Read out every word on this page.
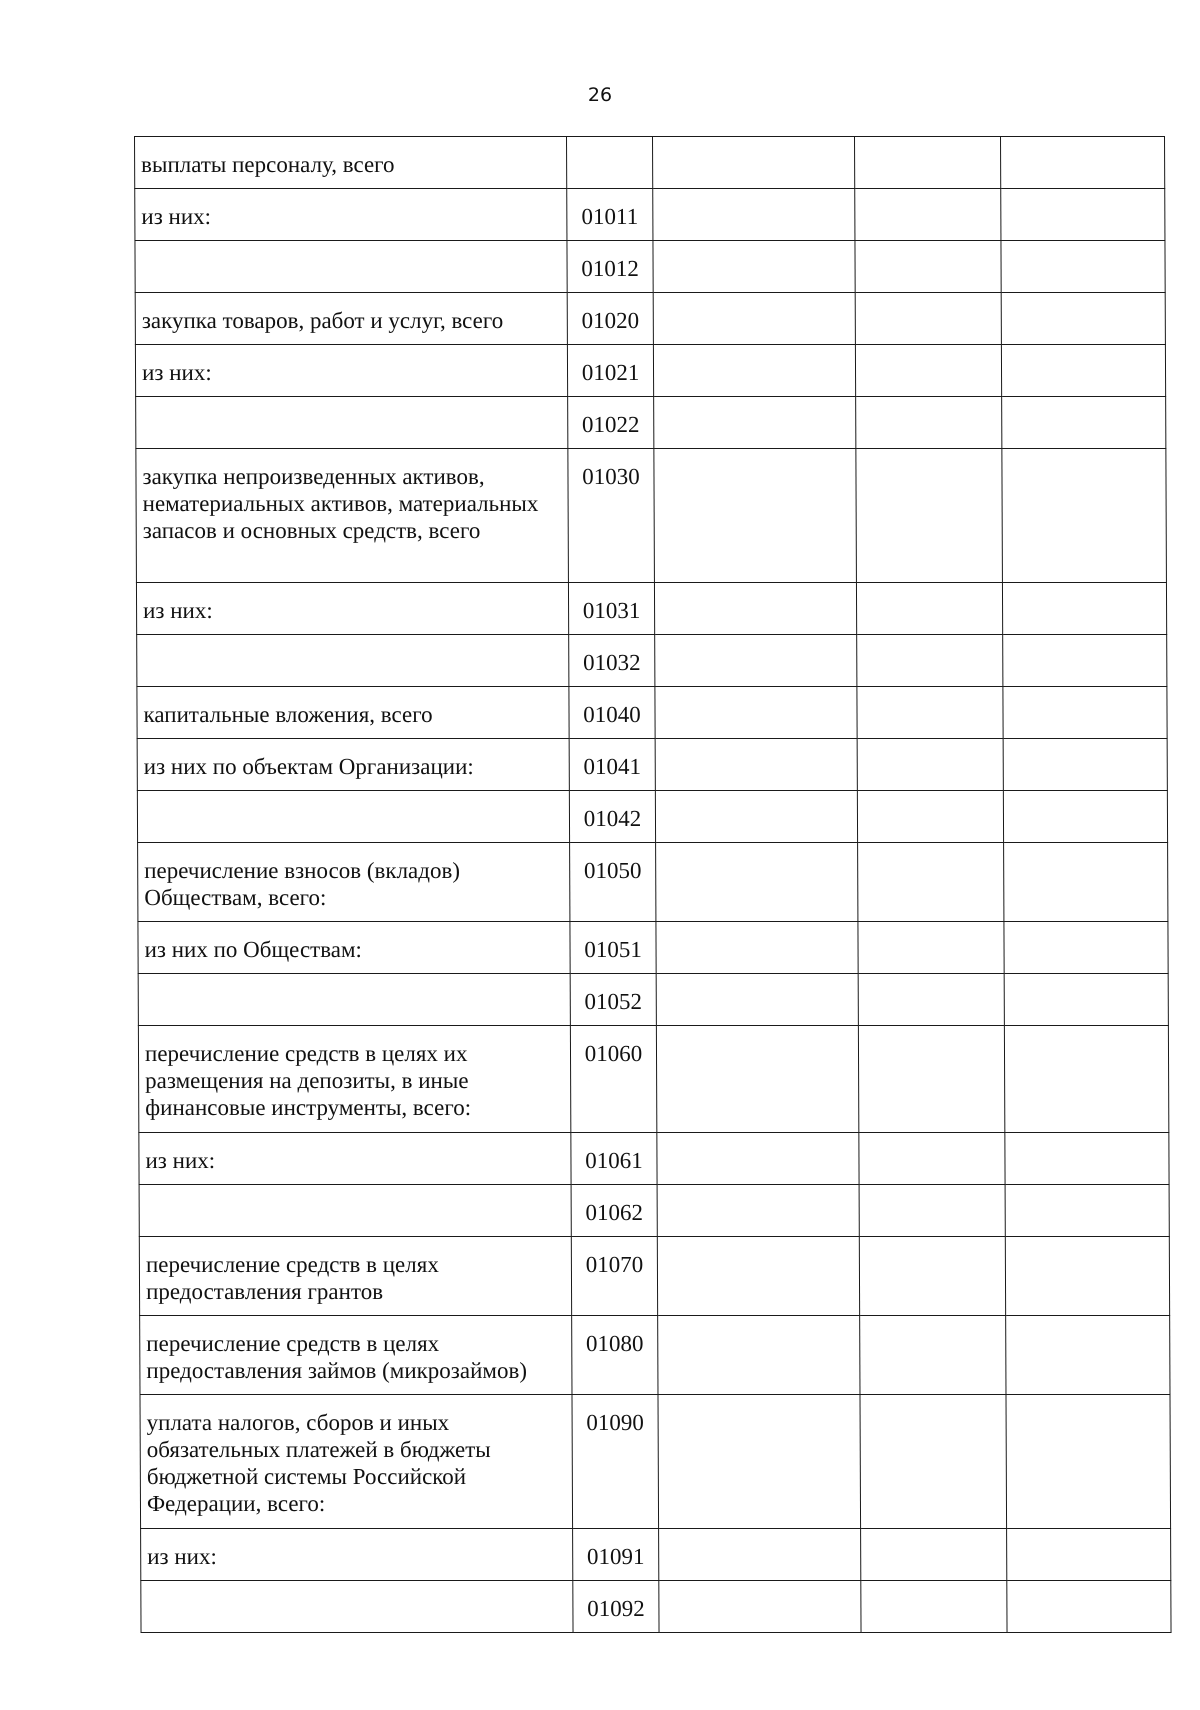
26
выплаты персоналу, всего				
из них:	01011			
	01012			
закупка товаров, работ и услуг, всего	01020			
из них:	01021			
	01022			
закупка непроизведенных активов, нематериальных активов, материальных запасов и основных средств, всего	01030			
из них:	01031			
	01032			
капитальные вложения, всего	01040			
из них по объектам Организации:	01041			
	01042			
перечисление взносов (вкладов) Обществам, всего:	01050			
из них по Обществам:	01051			
	01052			
перечисление средств в целях их размещения на депозиты, в иные финансовые инструменты, всего:	01060			
из них:	01061			
	01062			
перечисление средств в целях предоставления грантов	01070			
перечисление средств в целях предоставления займов (микрозаймов)	01080			
уплата налогов, сборов и иных обязательных платежей в бюджеты бюджетной системы Российской Федерации, всего:	01090			
из них:	01091			
	01092			
